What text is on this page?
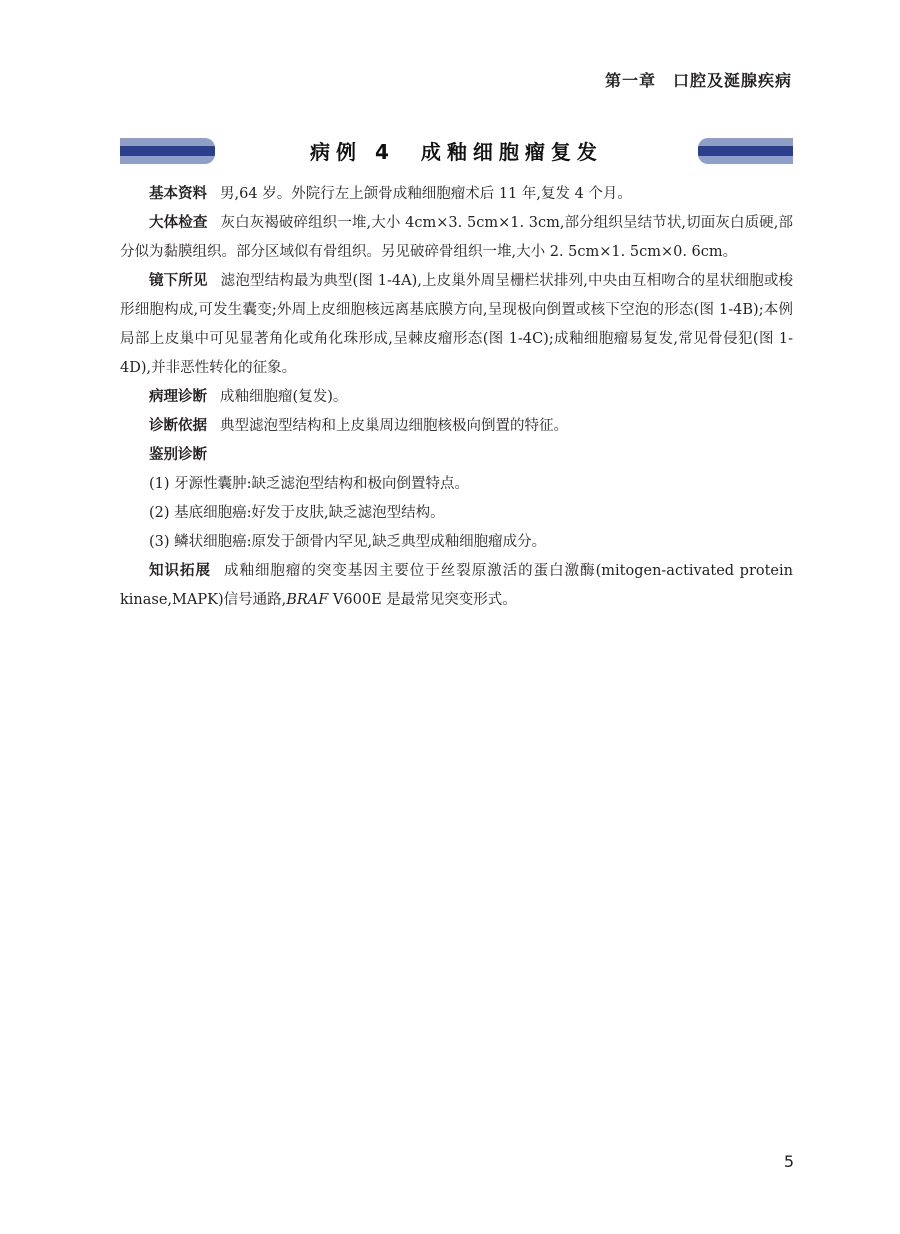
第一章　口腔及涎腺疾病
病例 4　成釉细胞瘤复发

基本资料 男,64 岁。外院行左上颌骨成釉细胞瘤术后 11 年,复发 4 个月。

大体检查 灰白灰褐破碎组织一堆,大小 4cm×3. 5cm×1. 3cm,部分组织呈结节状,切面灰白质硬,部分似为黏膜组织。部分区域似有骨组织。另见破碎骨组织一堆,大小 2. 5cm×1. 5cm×0. 6cm。

镜下所见 滤泡型结构最为典型(图 1-4A),上皮巢外周呈栅栏状排列,中央由互相吻合的星状细胞或梭形细胞构成,可发生囊变;外周上皮细胞核远离基底膜方向,呈现极向倒置或核下空泡的形态(图 1-4B);本例局部上皮巢中可见显著角化或角化珠形成,呈棘皮瘤形态(图 1-4C);成釉细胞瘤易复发,常见骨侵犯(图 1-4D),并非恶性转化的征象。

病理诊断 成釉细胞瘤(复发)。

诊断依据 典型滤泡型结构和上皮巢周边细胞核极向倒置的特征。

鉴别诊断

(1) 牙源性囊肿:缺乏滤泡型结构和极向倒置特点。

(2) 基底细胞癌:好发于皮肤,缺乏滤泡型结构。

(3) 鳞状细胞癌:原发于颌骨内罕见,缺乏典型成釉细胞瘤成分。

知识拓展 成釉细胞瘤的突变基因主要位于丝裂原激活的蛋白激酶(mitogen-activated protein kinase,MAPK)信号通路,BRAF V600E 是最常见突变形式。

5
